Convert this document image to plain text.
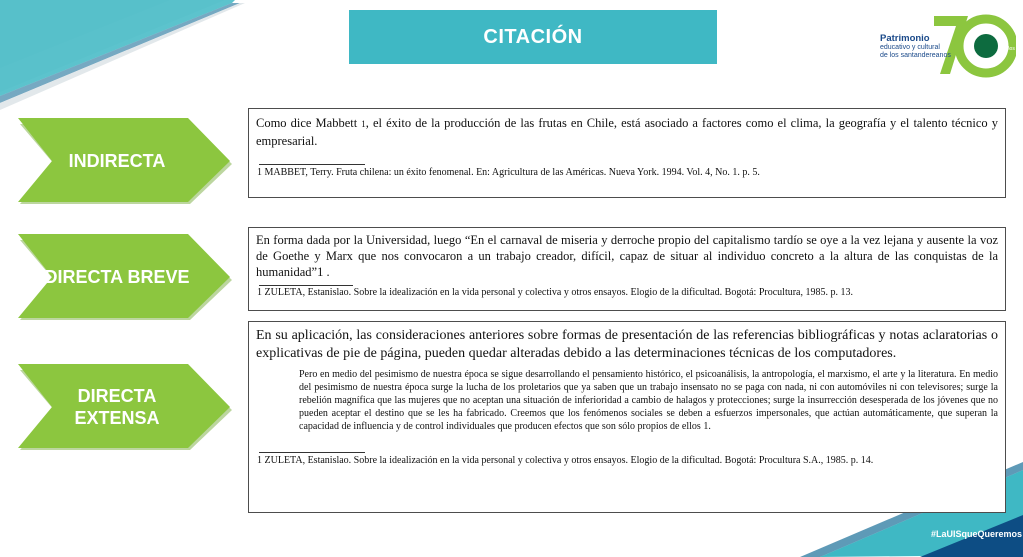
CITACIÓN	Patrimonio
educativo y cultural
de los santandereanos
años
INDIRECTA
DIRECTA BREVE
DIRECTA
EXTENSA
Como dice Mabbett 1, el éxito de la producción de las frutas en Chile, está asociado a factores como el clima, la geografía y el talento técnico y empresarial.
1 MABBET, Terry. Fruta chilena: un éxito fenomenal. En: Agricultura de las Américas. Nueva York. 1994. Vol. 4, No. 1. p. 5.
En forma dada por la Universidad, luego “En el carnaval de miseria y derroche propio del capitalismo tardío se oye a la vez lejana y ausente la voz de Goethe y Marx que nos convocaron a un trabajo creador, difícil, capaz de situar al individuo concreto a la altura de las conquistas de la humanidad”1 .
1 ZULETA, Estanislao. Sobre la idealización en la vida personal y colectiva y otros ensayos. Elogio de la dificultad. Bogotá: Procultura, 1985. p. 13.
En su aplicación, las consideraciones anteriores sobre formas de presentación de las referencias bibliográficas y notas aclaratorias o explicativas de pie de página, pueden quedar alteradas debido a las determinaciones técnicas de los computadores.
Pero en medio del pesimismo de nuestra época se sigue desarrollando el pensamiento histórico, el psicoanálisis, la antropología, el marxismo, el arte y la literatura. En medio del pesimismo de nuestra época surge la lucha de los proletarios que ya saben que un trabajo insensato no se paga con nada, ni con automóviles ni con televisores; surge la rebelión magnífica que las mujeres que no aceptan una situación de inferioridad a cambio de halagos y protecciones; surge la insurrección desesperada de los jóvenes que no pueden aceptar el destino que se les ha fabricado. Creemos que los fenómenos sociales se deben a esfuerzos impersonales, que actúan automáticamente, que superan la capacidad de influencia y de control individuales que producen efectos que son sólo propios de ellos 1.
1 ZULETA, Estanislao. Sobre la idealización en la vida personal y colectiva y otros ensayos. Elogio de la dificultad. Bogotá: Procultura S.A., 1985. p. 14.
#LaUISqueQueremos
